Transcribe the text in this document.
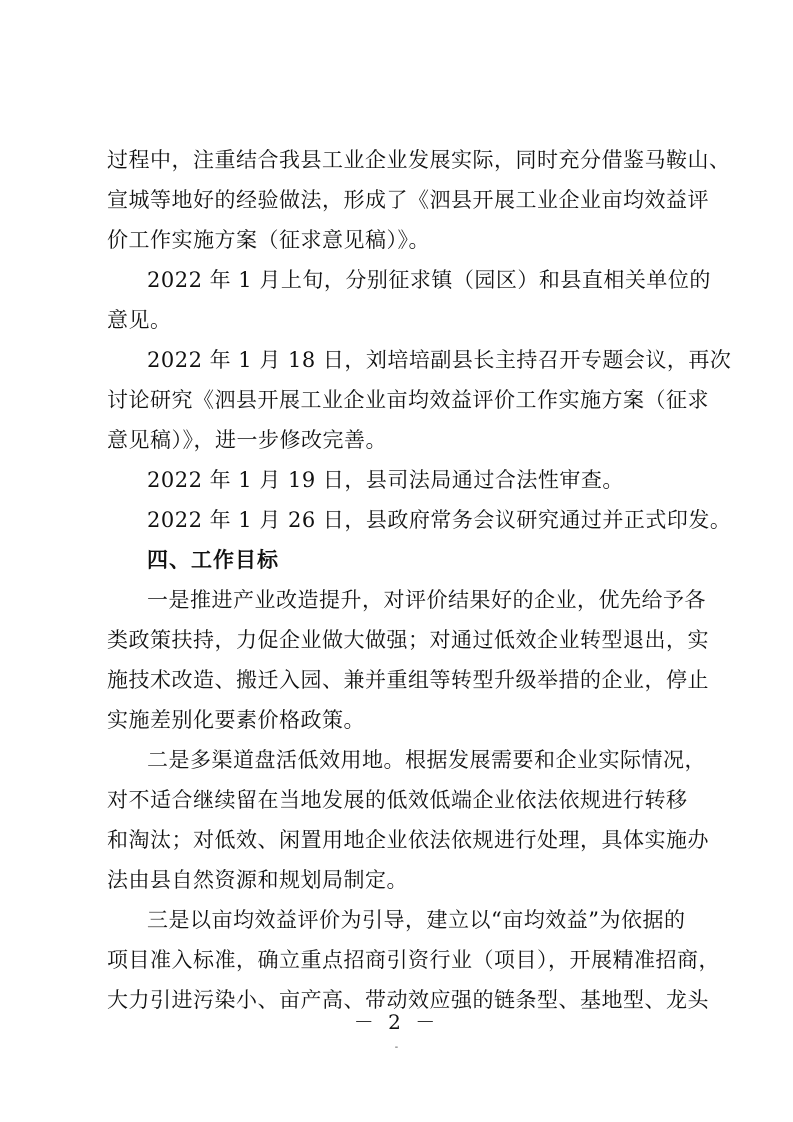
过程中，注重结合我县工业企业发展实际，同时充分借鉴马鞍山、
宣城等地好的经验做法，形成了《泗县开展工业企业亩均效益评
价工作实施方案（征求意见稿）》。
2022 年 1 月上旬，分别征求镇（园区）和县直相关单位的
意见。
2022 年 1 月 18 日，刘培培副县长主持召开专题会议，再次
讨论研究《泗县开展工业企业亩均效益评价工作实施方案（征求
意见稿）》，进一步修改完善。
2022 年 1 月 19 日，县司法局通过合法性审查。
2022 年 1 月 26 日，县政府常务会议研究通过并正式印发。
四、工作目标
一是推进产业改造提升，对评价结果好的企业，优先给予各
类政策扶持，力促企业做大做强；对通过低效企业转型退出，实
施技术改造、搬迁入园、兼并重组等转型升级举措的企业，停止
实施差别化要素价格政策。
二是多渠道盘活低效用地。根据发展需要和企业实际情况，
对不适合继续留在当地发展的低效低端企业依法依规进行转移
和淘汰；对低效、闲置用地企业依法依规进行处理，具体实施办
法由县自然资源和规划局制定。
三是以亩均效益评价为引导，建立以“亩均效益”为依据的
项目准入标准，确立重点招商引资行业（项目），开展精准招商，
大力引进污染小、亩产高、带动效应强的链条型、基地型、龙头
－ 2 －
-
